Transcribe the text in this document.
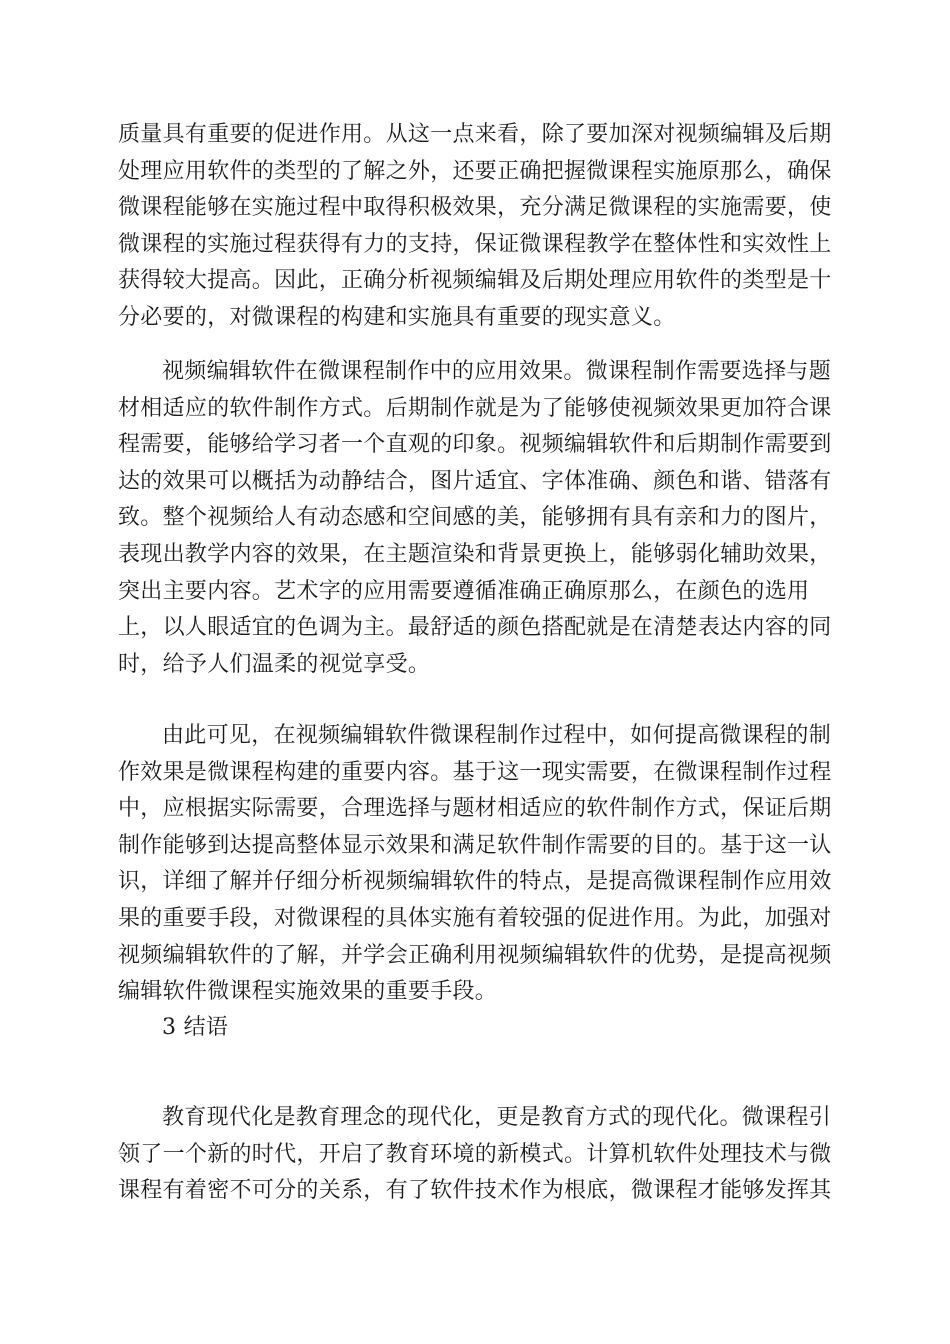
质量具有重要的促进作用。从这一点来看，除了要加深对视频编辑及后期
处理应用软件的类型的了解之外，还要正确把握微课程实施原那么，确保
微课程能够在实施过程中取得积极效果，充分满足微课程的实施需要，使
微课程的实施过程获得有力的支持，保证微课程教学在整体性和实效性上
获得较大提高。因此，正确分析视频编辑及后期处理应用软件的类型是十
分必要的，对微课程的构建和实施具有重要的现实意义。
视频编辑软件在微课程制作中的应用效果。微课程制作需要选择与题
材相适应的软件制作方式。后期制作就是为了能够使视频效果更加符合课
程需要，能够给学习者一个直观的印象。视频编辑软件和后期制作需要到
达的效果可以概括为动静结合，图片适宜、字体准确、颜色和谐、错落有
致。整个视频给人有动态感和空间感的美，能够拥有具有亲和力的图片，
表现出教学内容的效果，在主题渲染和背景更换上，能够弱化辅助效果，
突出主要内容。艺术字的应用需要遵循准确正确原那么，在颜色的选用
上，以人眼适宜的色调为主。最舒适的颜色搭配就是在清楚表达内容的同
时，给予人们温柔的视觉享受。
由此可见，在视频编辑软件微课程制作过程中，如何提高微课程的制
作效果是微课程构建的重要内容。基于这一现实需要，在微课程制作过程
中，应根据实际需要，合理选择与题材相适应的软件制作方式，保证后期
制作能够到达提高整体显示效果和满足软件制作需要的目的。基于这一认
识，详细了解并仔细分析视频编辑软件的特点，是提高微课程制作应用效
果的重要手段，对微课程的具体实施有着较强的促进作用。为此，加强对
视频编辑软件的了解，并学会正确利用视频编辑软件的优势，是提高视频
编辑软件微课程实施效果的重要手段。
3 结语
教育现代化是教育理念的现代化，更是教育方式的现代化。微课程引
领了一个新的时代，开启了教育环境的新模式。计算机软件处理技术与微
课程有着密不可分的关系，有了软件技术作为根底，微课程才能够发挥其
